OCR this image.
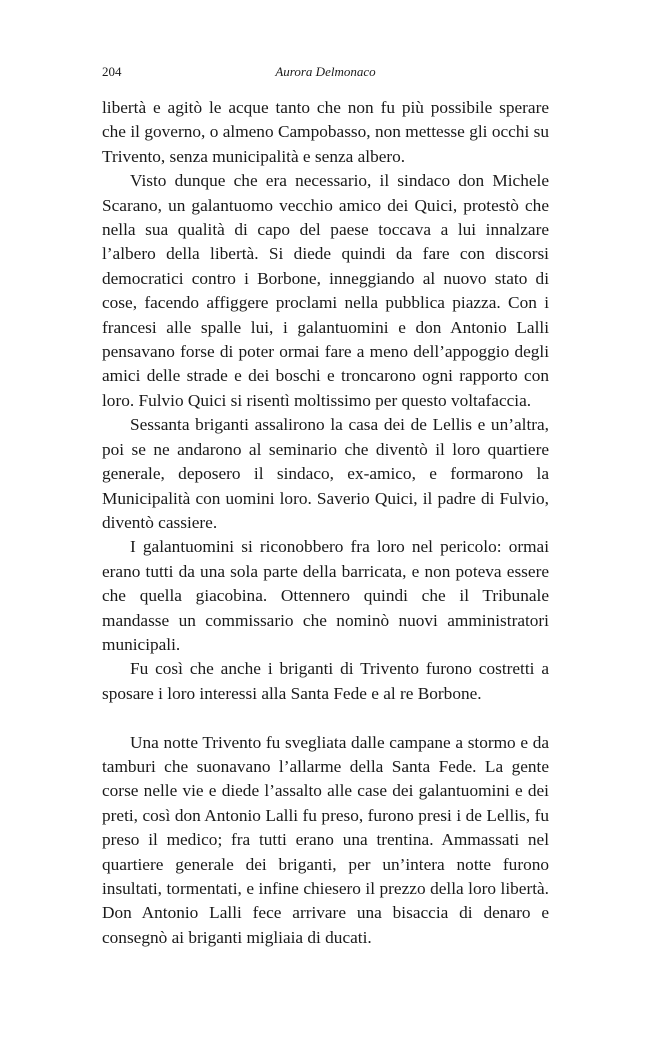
204	Aurora Delmonaco

libertà e agitò le acque tanto che non fu più possibile sperare che il governo, o almeno Campobasso, non mettesse gli occhi su Trivento, senza municipalità e senza albero.

Visto dunque che era necessario, il sindaco don Michele Scarano, un galantuomo vecchio amico dei Quici, protestò che nella sua qualità di capo del paese toccava a lui innalzare l’albero della libertà. Si diede quindi da fare con discorsi democratici contro i Borbone, inneggiando al nuovo stato di cose, facendo affiggere proclami nella pubblica piazza. Con i francesi alle spalle lui, i galantuomini e don Antonio Lalli pensavano forse di poter ormai fare a meno dell’appoggio degli amici delle strade e dei boschi e troncarono ogni rapporto con loro. Fulvio Quici si risentì moltissimo per questo voltafaccia.

Sessanta briganti assalirono la casa dei de Lellis e un’altra, poi se ne andarono al seminario che diventò il loro quartiere generale, deposero il sindaco, ex-amico, e formarono la Municipalità con uomini loro. Saverio Quici, il padre di Fulvio, diventò cassiere.

I galantuomini si riconobbero fra loro nel pericolo: ormai erano tutti da una sola parte della barricata, e non poteva essere che quella giacobina. Ottennero quindi che il Tribunale mandasse un commissario che nominò nuovi amministratori municipali.

Fu così che anche i briganti di Trivento furono costretti a sposare i loro interessi alla Santa Fede e al re Borbone.

Una notte Trivento fu svegliata dalle campane a stormo e da tamburi che suonavano l’allarme della Santa Fede. La gente corse nelle vie e diede l’assalto alle case dei galantuomini e dei preti, così don Antonio Lalli fu preso, furono presi i de Lellis, fu preso il medico; fra tutti erano una trentina. Ammassati nel quartiere generale dei briganti, per un’intera notte furono insultati, tormentati, e infine chiesero il prezzo della loro libertà. Don Antonio Lalli fece arrivare una bisaccia di denaro e consegnò ai briganti migliaia di ducati.
